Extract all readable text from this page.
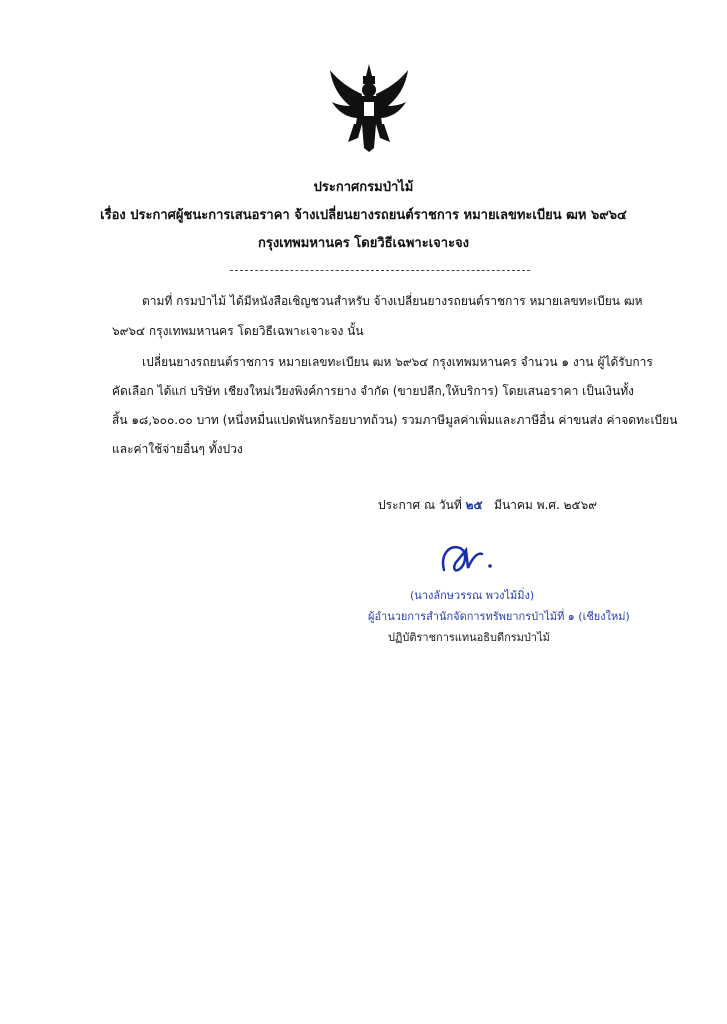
ประกาศกรมป่าไม้
เรื่อง ประกาศผู้ชนะการเสนอราคา จ้างเปลี่ยนยางรถยนต์ราชการ หมายเลขทะเบียน ฒห ๖๙๖๔
กรุงเทพมหานคร โดยวิธีเฉพาะเจาะจง
ตามที่ กรมป่าไม้ ได้มีหนังสือเชิญชวนสำหรับ จ้างเปลี่ยนยางรถยนต์ราชการ หมายเลขทะเบียน ฒห
๖๙๖๔ กรุงเทพมหานคร โดยวิธีเฉพาะเจาะจง นั้น
เปลี่ยนยางรถยนต์ราชการ หมายเลขทะเบียน ฒห ๖๙๖๔ กรุงเทพมหานคร จำนวน ๑ งาน ผู้ได้รับการ
คัดเลือก ได้แก่ บริษัท เชียงใหม่เวียงพิงค์การยาง จำกัด (ขายปลีก,ให้บริการ) โดยเสนอราคา เป็นเงินทั้ง
สิ้น ๑๘,๖๐๐.๐๐ บาท (หนึ่งหมื่นแปดพันหกร้อยบาทถ้วน) รวมภาษีมูลค่าเพิ่มและภาษีอื่น ค่าขนส่ง ค่าจดทะเบียน
และค่าใช้จ่ายอื่นๆ ทั้งปวง
ประกาศ ณ วันที่ ๒๕ มีนาคม พ.ศ. ๒๕๖๙
(นางลักษวรรณ พวงไม้มิ่ง)
ผู้อำนวยการสำนักจัดการทรัพยากรป่าไม้ที่ ๑ (เชียงใหม่)
ปฏิบัติราชการแทนอธิบดีกรมป่าไม้
